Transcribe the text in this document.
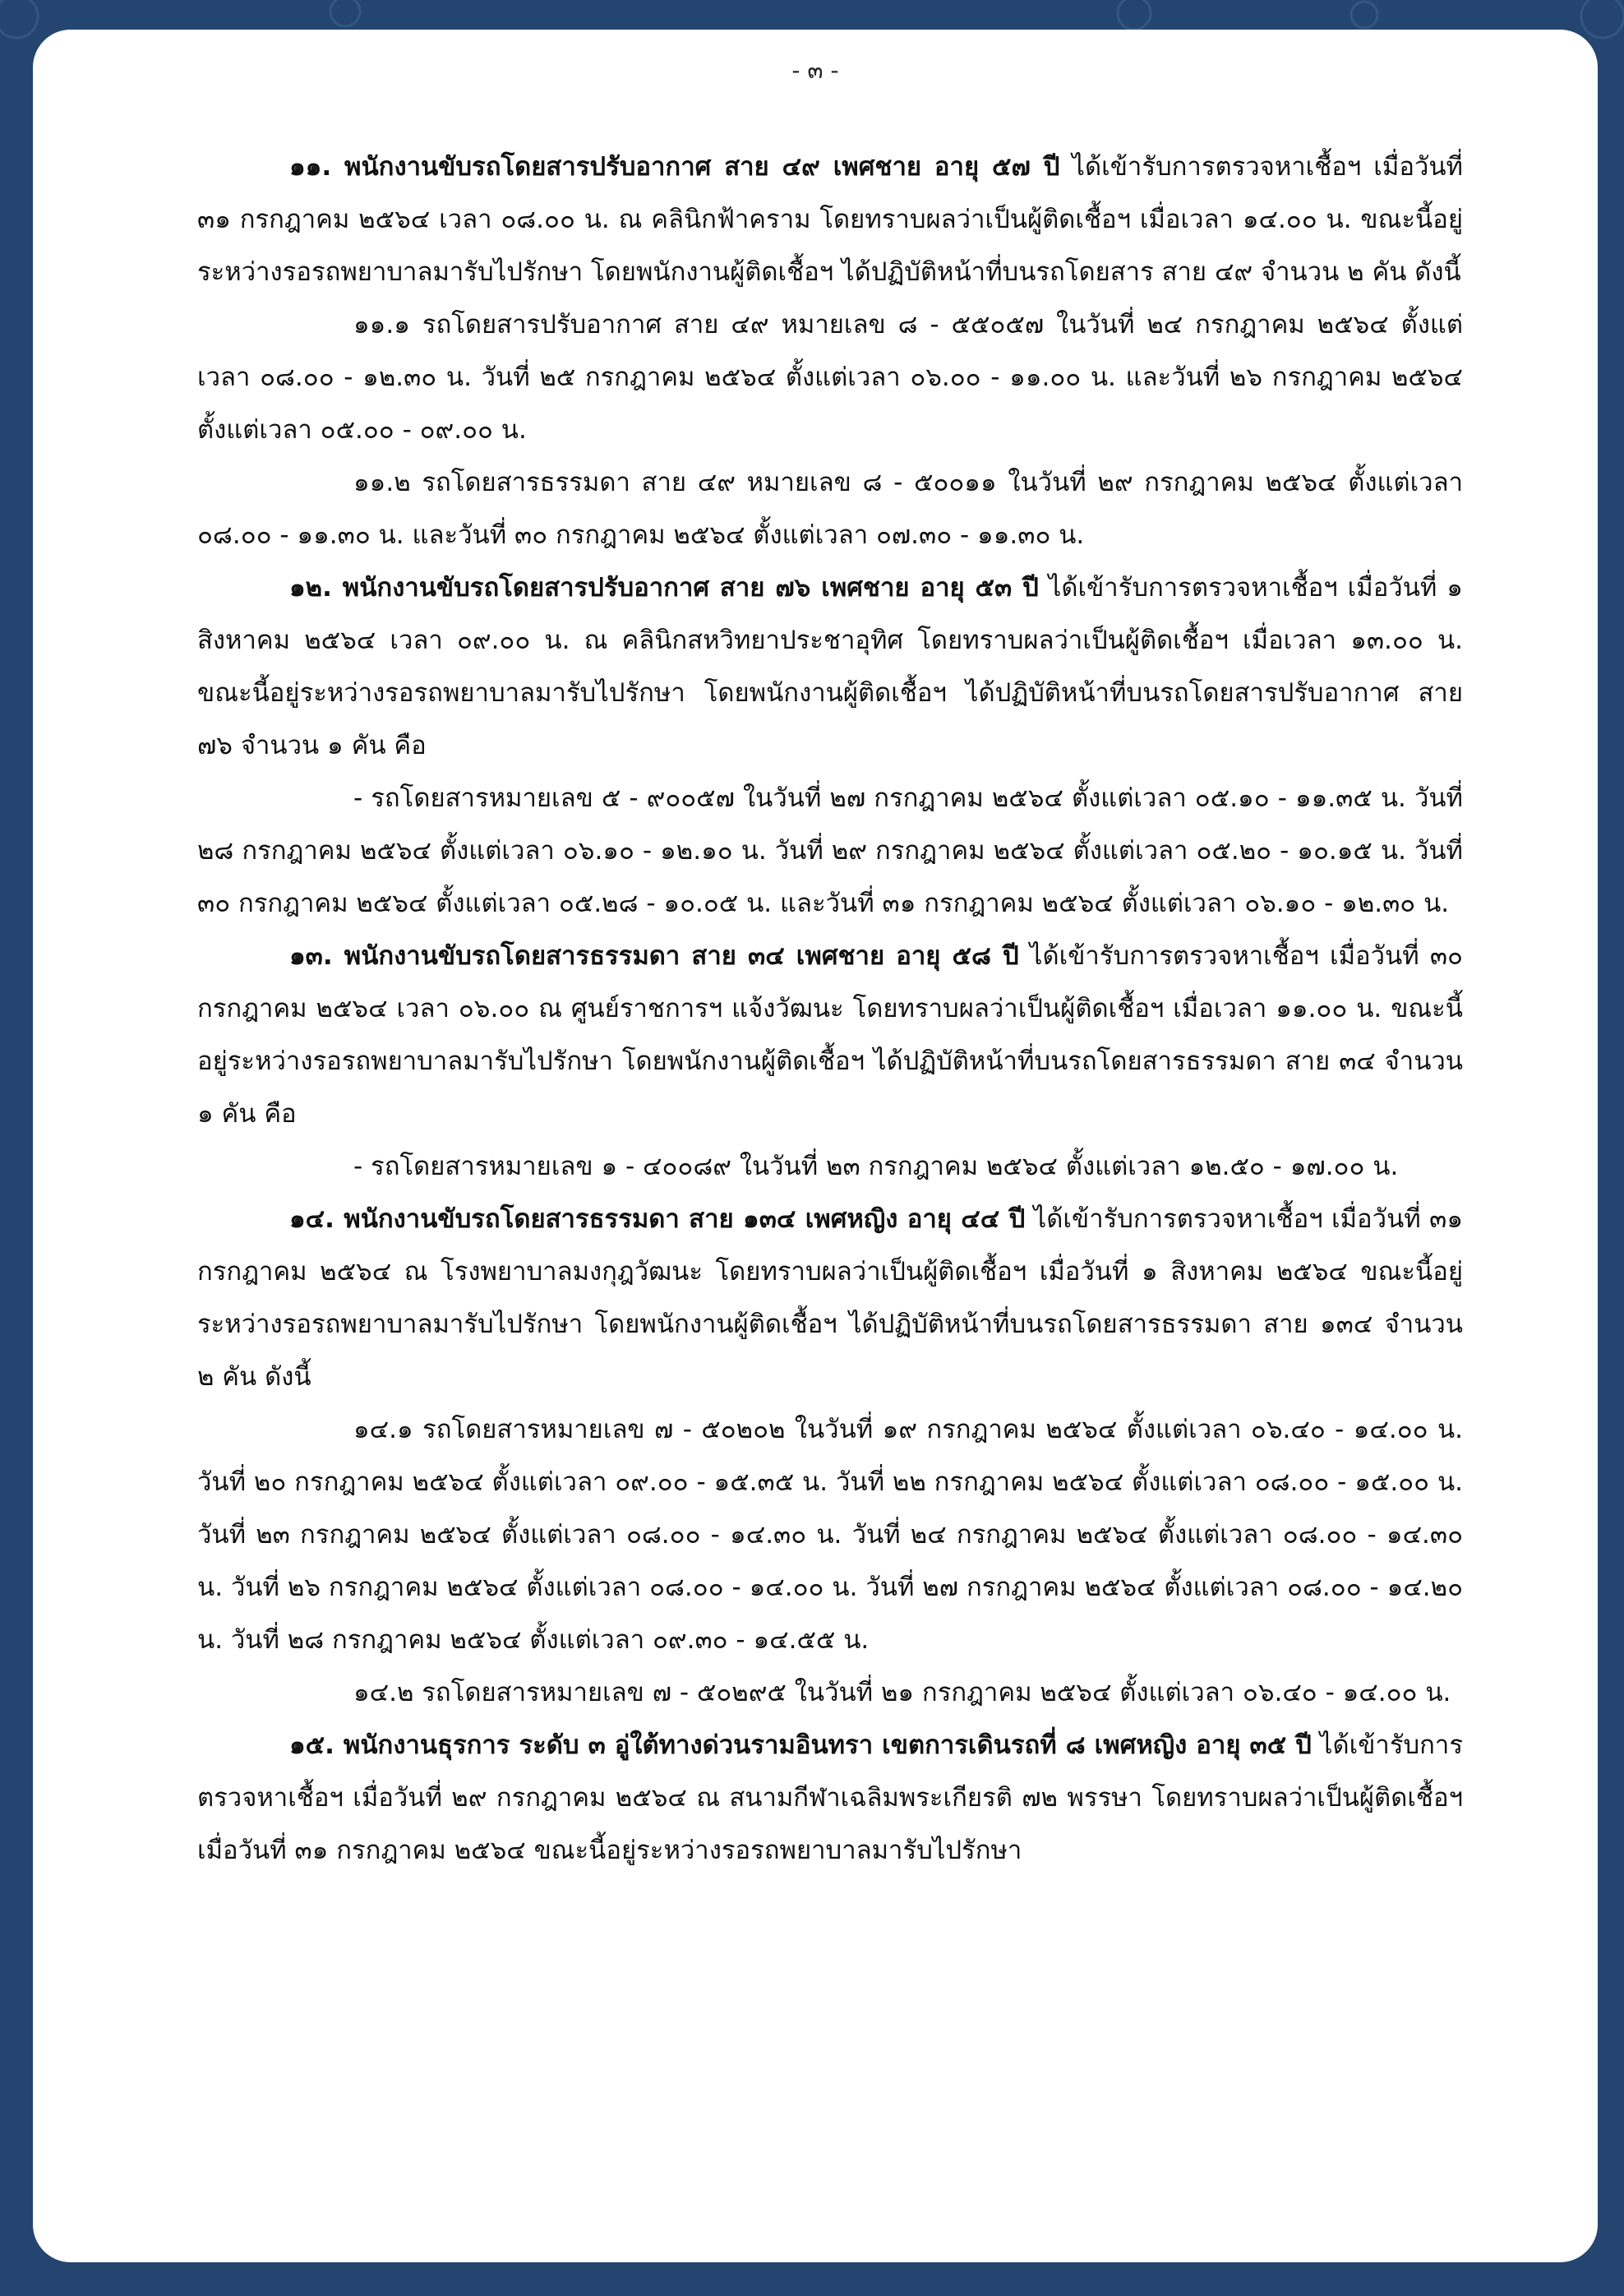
- ๓ -

๑๑. พนักงานขับรถโดยสารปรับอากาศ สาย ๔๙ เพศชาย อายุ ๕๗ ปี ได้เข้ารับการตรวจหาเชื้อฯ เมื่อวันที่ ๓๑ กรกฎาคม ๒๕๖๔ เวลา ๐๘.๐๐ น. ณ คลินิกฟ้าคราม โดยทราบผลว่าเป็นผู้ติดเชื้อฯ เมื่อเวลา ๑๔.๐๐ น. ขณะนี้อยู่ระหว่างรอรถพยาบาลมารับไปรักษา โดยพนักงานผู้ติดเชื้อฯ ได้ปฏิบัติหน้าที่บนรถโดยสาร สาย ๔๙ จำนวน ๒ คัน ดังนี้

๑๑.๑ รถโดยสารปรับอากาศ สาย ๔๙ หมายเลข ๘ - ๕๕๐๕๗ ในวันที่ ๒๔ กรกฎาคม ๒๕๖๔ ตั้งแต่เวลา ๐๘.๐๐ - ๑๒.๓๐ น. วันที่ ๒๕ กรกฎาคม ๒๕๖๔ ตั้งแต่เวลา ๐๖.๐๐ - ๑๑.๐๐ น. และวันที่ ๒๖ กรกฎาคม ๒๕๖๔ ตั้งแต่เวลา ๐๕.๐๐ - ๐๙.๐๐ น.

๑๑.๒ รถโดยสารธรรมดา สาย ๔๙ หมายเลข ๘ - ๕๐๐๑๑ ในวันที่ ๒๙ กรกฎาคม ๒๕๖๔ ตั้งแต่เวลา ๐๘.๐๐ - ๑๑.๓๐ น. และวันที่ ๓๐ กรกฎาคม ๒๕๖๔ ตั้งแต่เวลา ๐๗.๓๐ - ๑๑.๓๐ น.

๑๒. พนักงานขับรถโดยสารปรับอากาศ สาย ๗๖ เพศชาย อายุ ๕๓ ปี ได้เข้ารับการตรวจหาเชื้อฯ เมื่อวันที่ ๑ สิงหาคม ๒๕๖๔ เวลา ๐๙.๐๐ น. ณ คลินิกสหวิทยาประชาอุทิศ โดยทราบผลว่าเป็นผู้ติดเชื้อฯ เมื่อเวลา ๑๓.๐๐ น. ขณะนี้อยู่ระหว่างรอรถพยาบาลมารับไปรักษา โดยพนักงานผู้ติดเชื้อฯ ได้ปฏิบัติหน้าที่บนรถโดยสารปรับอากาศ สาย ๗๖ จำนวน ๑ คัน คือ

- รถโดยสารหมายเลข ๕ - ๙๐๐๕๗ ในวันที่ ๒๗ กรกฎาคม ๒๕๖๔ ตั้งแต่เวลา ๐๕.๑๐ - ๑๑.๓๕ น. วันที่ ๒๘ กรกฎาคม ๒๕๖๔ ตั้งแต่เวลา ๐๖.๑๐ - ๑๒.๑๐ น. วันที่ ๒๙ กรกฎาคม ๒๕๖๔ ตั้งแต่เวลา ๐๕.๒๐ - ๑๐.๑๕ น. วันที่ ๓๐ กรกฎาคม ๒๕๖๔ ตั้งแต่เวลา ๐๕.๒๘ - ๑๐.๐๕ น. และวันที่ ๓๑ กรกฎาคม ๒๕๖๔ ตั้งแต่เวลา ๐๖.๑๐ - ๑๒.๓๐ น.

๑๓. พนักงานขับรถโดยสารธรรมดา สาย ๓๔ เพศชาย อายุ ๕๘ ปี ได้เข้ารับการตรวจหาเชื้อฯ เมื่อวันที่ ๓๐ กรกฎาคม ๒๕๖๔ เวลา ๐๖.๐๐ ณ ศูนย์ราชการฯ แจ้งวัฒนะ โดยทราบผลว่าเป็นผู้ติดเชื้อฯ เมื่อเวลา ๑๑.๐๐ น. ขณะนี้อยู่ระหว่างรอรถพยาบาลมารับไปรักษา โดยพนักงานผู้ติดเชื้อฯ ได้ปฏิบัติหน้าที่บนรถโดยสารธรรมดา สาย ๓๔ จำนวน ๑ คัน คือ

- รถโดยสารหมายเลข ๑ - ๔๐๐๘๙ ในวันที่ ๒๓ กรกฎาคม ๒๕๖๔ ตั้งแต่เวลา ๑๒.๕๐ - ๑๗.๐๐ น.

๑๔. พนักงานขับรถโดยสารธรรมดา สาย ๑๓๔ เพศหญิง อายุ ๔๔ ปี ได้เข้ารับการตรวจหาเชื้อฯ เมื่อวันที่ ๓๑ กรกฎาคม ๒๕๖๔ ณ โรงพยาบาลมงกุฎวัฒนะ โดยทราบผลว่าเป็นผู้ติดเชื้อฯ เมื่อวันที่ ๑ สิงหาคม ๒๕๖๔ ขณะนี้อยู่ระหว่างรอรถพยาบาลมารับไปรักษา โดยพนักงานผู้ติดเชื้อฯ ได้ปฏิบัติหน้าที่บนรถโดยสารธรรมดา สาย ๑๓๔ จำนวน ๒ คัน ดังนี้

๑๔.๑ รถโดยสารหมายเลข ๗ - ๕๐๒๐๒ ในวันที่ ๑๙ กรกฎาคม ๒๕๖๔ ตั้งแต่เวลา ๐๖.๔๐ - ๑๔.๐๐ น. วันที่ ๒๐ กรกฎาคม ๒๕๖๔ ตั้งแต่เวลา ๐๙.๐๐ - ๑๕.๓๕ น. วันที่ ๒๒ กรกฎาคม ๒๕๖๔ ตั้งแต่เวลา ๐๘.๐๐ - ๑๕.๐๐ น. วันที่ ๒๓ กรกฎาคม ๒๕๖๔ ตั้งแต่เวลา ๐๘.๐๐ - ๑๔.๓๐ น. วันที่ ๒๔ กรกฎาคม ๒๕๖๔ ตั้งแต่เวลา ๐๘.๐๐ - ๑๔.๓๐ น. วันที่ ๒๖ กรกฎาคม ๒๕๖๔ ตั้งแต่เวลา ๐๘.๐๐ - ๑๔.๐๐ น. วันที่ ๒๗ กรกฎาคม ๒๕๖๔ ตั้งแต่เวลา ๐๘.๐๐ - ๑๔.๒๐ น. วันที่ ๒๘ กรกฎาคม ๒๕๖๔ ตั้งแต่เวลา ๐๙.๓๐ - ๑๔.๕๕ น.

๑๔.๒ รถโดยสารหมายเลข ๗ - ๕๐๒๙๕ ในวันที่ ๒๑ กรกฎาคม ๒๕๖๔ ตั้งแต่เวลา ๐๖.๔๐ - ๑๔.๐๐ น.

๑๕. พนักงานธุรการ ระดับ ๓ อู่ใต้ทางด่วนรามอินทรา เขตการเดินรถที่ ๘ เพศหญิง อายุ ๓๕ ปี ได้เข้ารับการตรวจหาเชื้อฯ เมื่อวันที่ ๒๙ กรกฎาคม ๒๕๖๔ ณ สนามกีฬาเฉลิมพระเกียรติ ๗๒ พรรษา โดยทราบผลว่าเป็นผู้ติดเชื้อฯ เมื่อวันที่ ๓๑ กรกฎาคม ๒๕๖๔ ขณะนี้อยู่ระหว่างรอรถพยาบาลมารับไปรักษา
